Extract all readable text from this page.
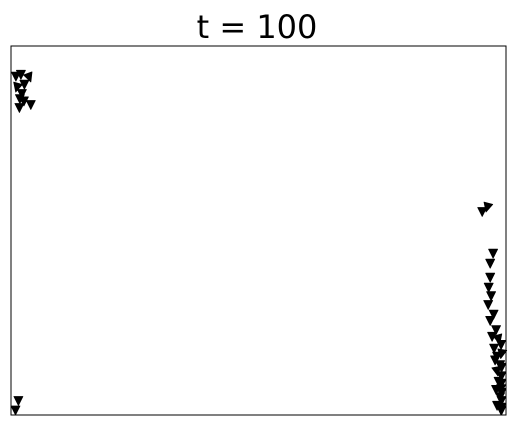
t = 100
